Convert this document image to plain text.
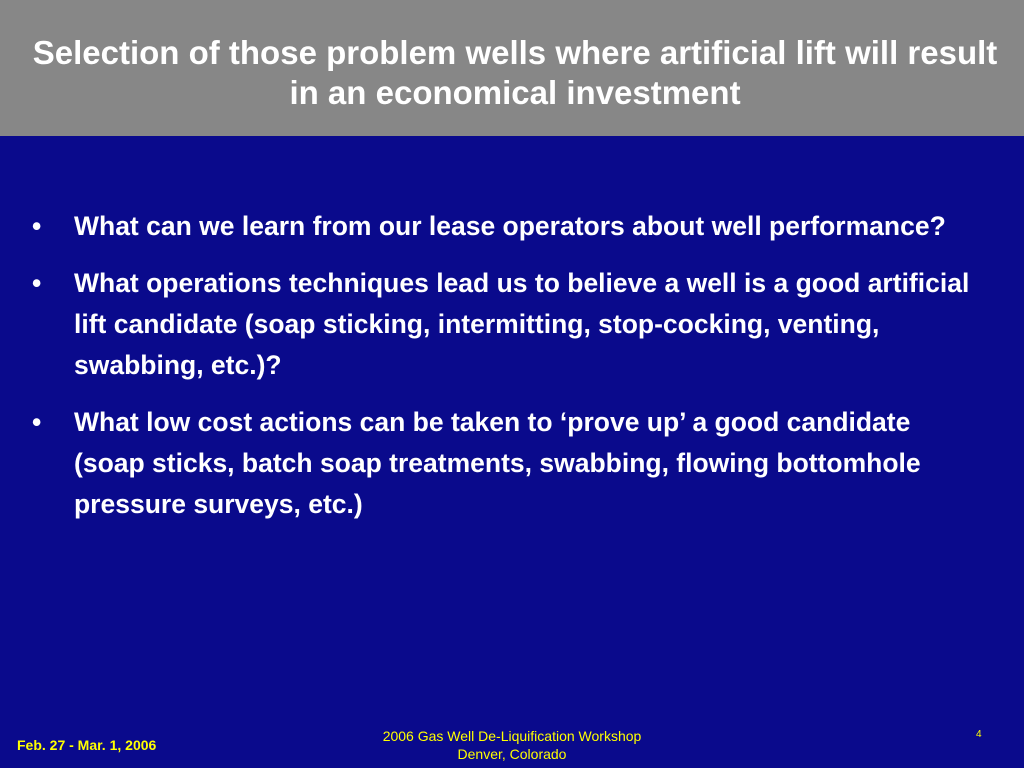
Selection of those problem wells where artificial lift will result in an economical investment
• What can we learn from our lease operators about well performance?
• What operations techniques lead us to believe a well is a good artificial lift candidate (soap sticking, intermitting, stop-cocking, venting, swabbing, etc.)?
• What low cost actions can be taken to ‘prove up’ a good candidate (soap sticks, batch soap treatments, swabbing, flowing bottomhole pressure surveys, etc.)
Feb. 27 - Mar. 1, 2006
2006 Gas Well De-Liquification Workshop
Denver, Colorado
4
